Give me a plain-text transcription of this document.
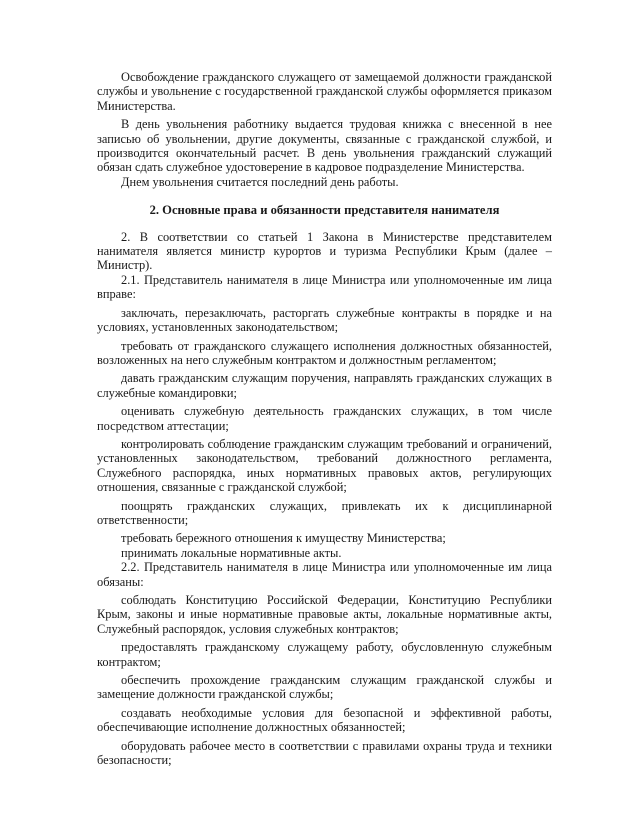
Освобождение гражданского служащего от замещаемой должности гражданской службы и увольнение с государственной гражданской службы оформляется приказом Министерства.

В день увольнения работнику выдается трудовая книжка с внесенной в нее записью об увольнении, другие документы, связанные с гражданской службой, и производится окончательный расчет. В день увольнения гражданский служащий обязан сдать служебное удостоверение в кадровое подразделение Министерства.

Днем увольнения считается последний день работы.

2. Основные права и обязанности представителя нанимателя

2. В соответствии со статьей 1 Закона в Министерстве представителем нанимателя является министр курортов и туризма Республики Крым (далее – Министр).

2.1. Представитель нанимателя в лице Министра или уполномоченные им лица вправе:

заключать, перезаключать, расторгать служебные контракты в порядке и на условиях, установленных законодательством;

требовать от гражданского служащего исполнения должностных обязанностей, возложенных на него служебным контрактом и должностным регламентом;

давать гражданским служащим поручения, направлять гражданских служащих в служебные командировки;

оценивать служебную деятельность гражданских служащих, в том числе посредством аттестации;

контролировать соблюдение гражданским служащим требований и ограничений, установленных законодательством, требований должностного регламента, Служебного распорядка, иных нормативных правовых актов, регулирующих отношения, связанные с гражданской службой;

поощрять гражданских служащих, привлекать их к дисциплинарной ответственности;

требовать бережного отношения к имуществу Министерства;

принимать локальные нормативные акты.

2.2. Представитель нанимателя в лице Министра или уполномоченные им лица обязаны:

соблюдать Конституцию Российской Федерации, Конституцию Республики Крым, законы и иные нормативные правовые акты, локальные нормативные акты, Служебный распорядок, условия служебных контрактов;

предоставлять гражданскому служащему работу, обусловленную служебным контрактом;

обеспечить прохождение гражданским служащим гражданской службы и замещение должности гражданской службы;

создавать необходимые условия для безопасной и эффективной работы, обеспечивающие исполнение должностных обязанностей;

оборудовать рабочее место в соответствии с правилами охраны труда и техники безопасности;
